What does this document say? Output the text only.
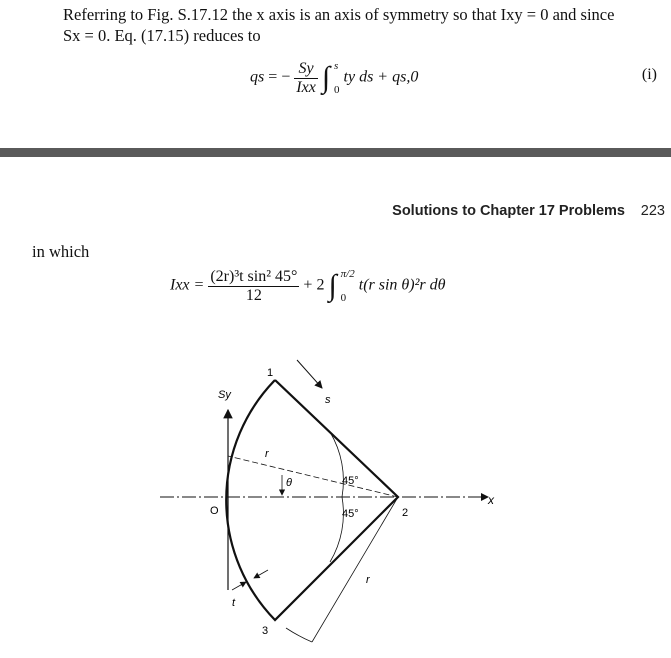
Referring to Fig. S.17.12 the x axis is an axis of symmetry so that Ixy = 0 and since
Sx = 0. Eq. (17.15) reduces to
qs = − $\frac{Sy}{\text{Ixx}}$ ∫ s
0
ty ds + qs,0	(i)
Solutions to Chapter 17 Problems 223
in which
Ixx = $\frac{\text{(2r)³t sin² 45°}}{12} + 2$ ∫ π/2
0
t(r sin θ)²r dθ
1
2
3
O
Sy	s
r
θ	45°
45°
r
t
x
